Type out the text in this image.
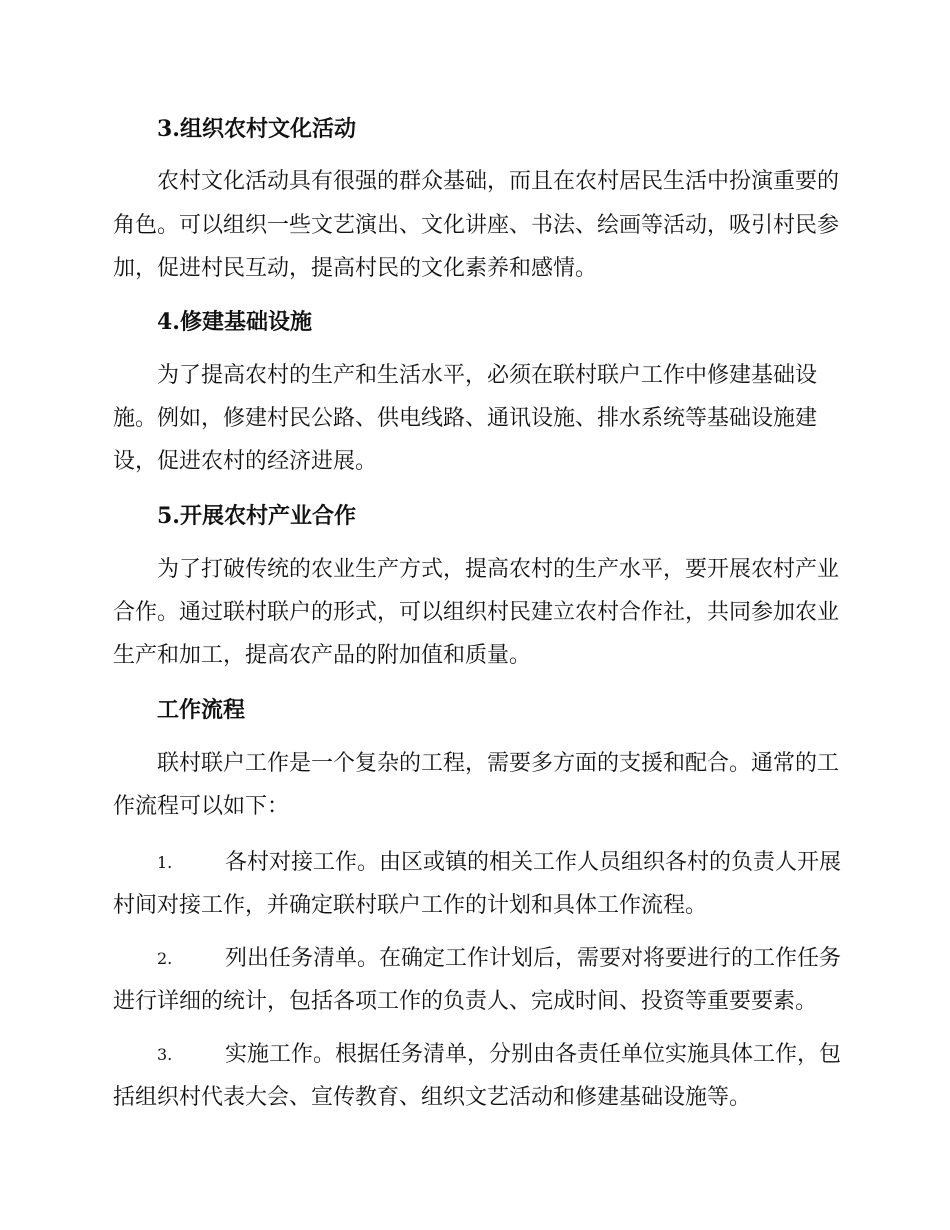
3.组织农村文化活动
农村文化活动具有很强的群众基础，而且在农村居民生活中扮演重要的
角色。可以组织一些文艺演出、文化讲座、书法、绘画等活动，吸引村民参
加，促进村民互动，提高村民的文化素养和感情。
4.修建基础设施
为了提高农村的生产和生活水平，必须在联村联户工作中修建基础设
施。例如，修建村民公路、供电线路、通讯设施、排水系统等基础设施建
设，促进农村的经济进展。
5.开展农村产业合作
为了打破传统的农业生产方式，提高农村的生产水平，要开展农村产业
合作。通过联村联户的形式，可以组织村民建立农村合作社，共同参加农业
生产和加工，提高农产品的附加值和质量。
工作流程
联村联户工作是一个复杂的工程，需要多方面的支援和配合。通常的工
作流程可以如下：
1.	各村对接工作。由区或镇的相关工作人员组织各村的负责人开展
村间对接工作，并确定联村联户工作的计划和具体工作流程。
2.	列出任务清单。在确定工作计划后，需要对将要进行的工作任务
进行详细的统计，包括各项工作的负责人、完成时间、投资等重要要素。
3.	实施工作。根据任务清单，分别由各责任单位实施具体工作，包
括组织村代表大会、宣传教育、组织文艺活动和修建基础设施等。
